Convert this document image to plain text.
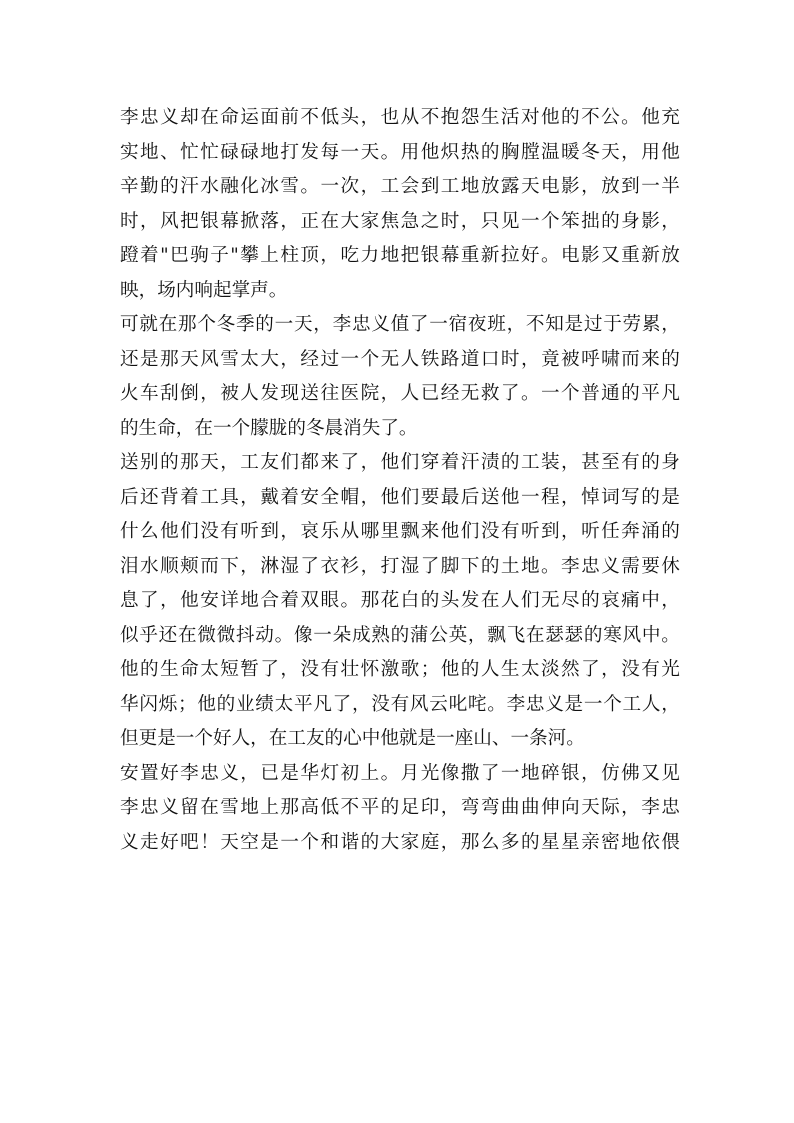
李 忠 义 却 在 命 运 面 前 不 低 头 ， 也 从 不 抱 怨 生 活 对 他 的 不 公 。 他 充
实 地 、 忙 忙 碌 碌 地 打 发 每 一 天 。 用 他 炽 热 的 胸 膛 温 暖 冬 天 ， 用 他
辛 勤 的 汗 水 融 化 冰 雪 。 一 次 ， 工 会 到 工 地 放 露 天 电 影 ， 放 到 一 半
时 ， 风 把 银 幕 掀 落 ， 正 在 大 家 焦 急 之 时 ， 只 见 一 个 笨 拙 的 身 影 ，
蹬 着 " 巴 驹 子 " 攀 上 柱 顶 ， 吃 力 地 把 银 幕 重 新 拉 好 。 电 影 又 重 新 放
映，场内响起掌声。
可 就 在 那 个 冬 季 的 一 天 ， 李 忠 义 值 了 一 宿 夜 班 ， 不 知 是 过 于 劳 累 ，
还 是 那 天 风 雪 太 大 ， 经 过 一 个 无 人 铁 路 道 口 时 ， 竟 被 呼 啸 而 来 的
火 车 刮 倒 ， 被 人 发 现 送 往 医 院 ， 人 已 经 无 救 了 。 一 个 普 通 的 平 凡
的生命，在一个朦胧的冬晨消失了。
送 别 的 那 天 ， 工 友 们 都 来 了 ， 他 们 穿 着 汗 渍 的 工 装 ， 甚 至 有 的 身
后 还 背 着 工 具 ， 戴 着 安 全 帽 ， 他 们 要 最 后 送 他 一 程 ， 悼 词 写 的 是
什 么 他 们 没 有 听 到 ， 哀 乐 从 哪 里 飘 来 他 们 没 有 听 到 ， 听 任 奔 涌 的
泪 水 顺 颊 而 下 ， 淋 湿 了 衣 衫 ， 打 湿 了 脚 下 的 土 地 。 李 忠 义 需 要 休
息 了 ， 他 安 详 地 合 着 双 眼 。 那 花 白 的 头 发 在 人 们 无 尽 的 哀 痛 中 ，
似 乎 还 在 微 微 抖 动 。 像 一 朵 成 熟 的 蒲 公 英 ， 飘 飞 在 瑟 瑟 的 寒 风 中 。
他 的 生 命 太 短 暂 了 ， 没 有 壮 怀 激 歌 ； 他 的 人 生 太 淡 然 了 ， 没 有 光
华 闪 烁 ； 他 的 业 绩 太 平 凡 了 ， 没 有 风 云 叱 咤 。 李 忠 义 是 一 个 工 人 ，
但更是一个好人，在工友的心中他就是一座山、一条河。
安 置 好 李 忠 义 ， 已 是 华 灯 初 上 。 月 光 像 撒 了 一 地 碎 银 ， 仿 佛 又 见
李 忠 义 留 在 雪 地 上 那 高 低 不 平 的 足 印 ， 弯 弯 曲 曲 伸 向 天 际 ， 李 忠
义 走 好 吧 ！ 天 空 是 一 个 和 谐 的 大 家 庭 ， 那 么 多 的 星 星 亲 密 地 依 偎
